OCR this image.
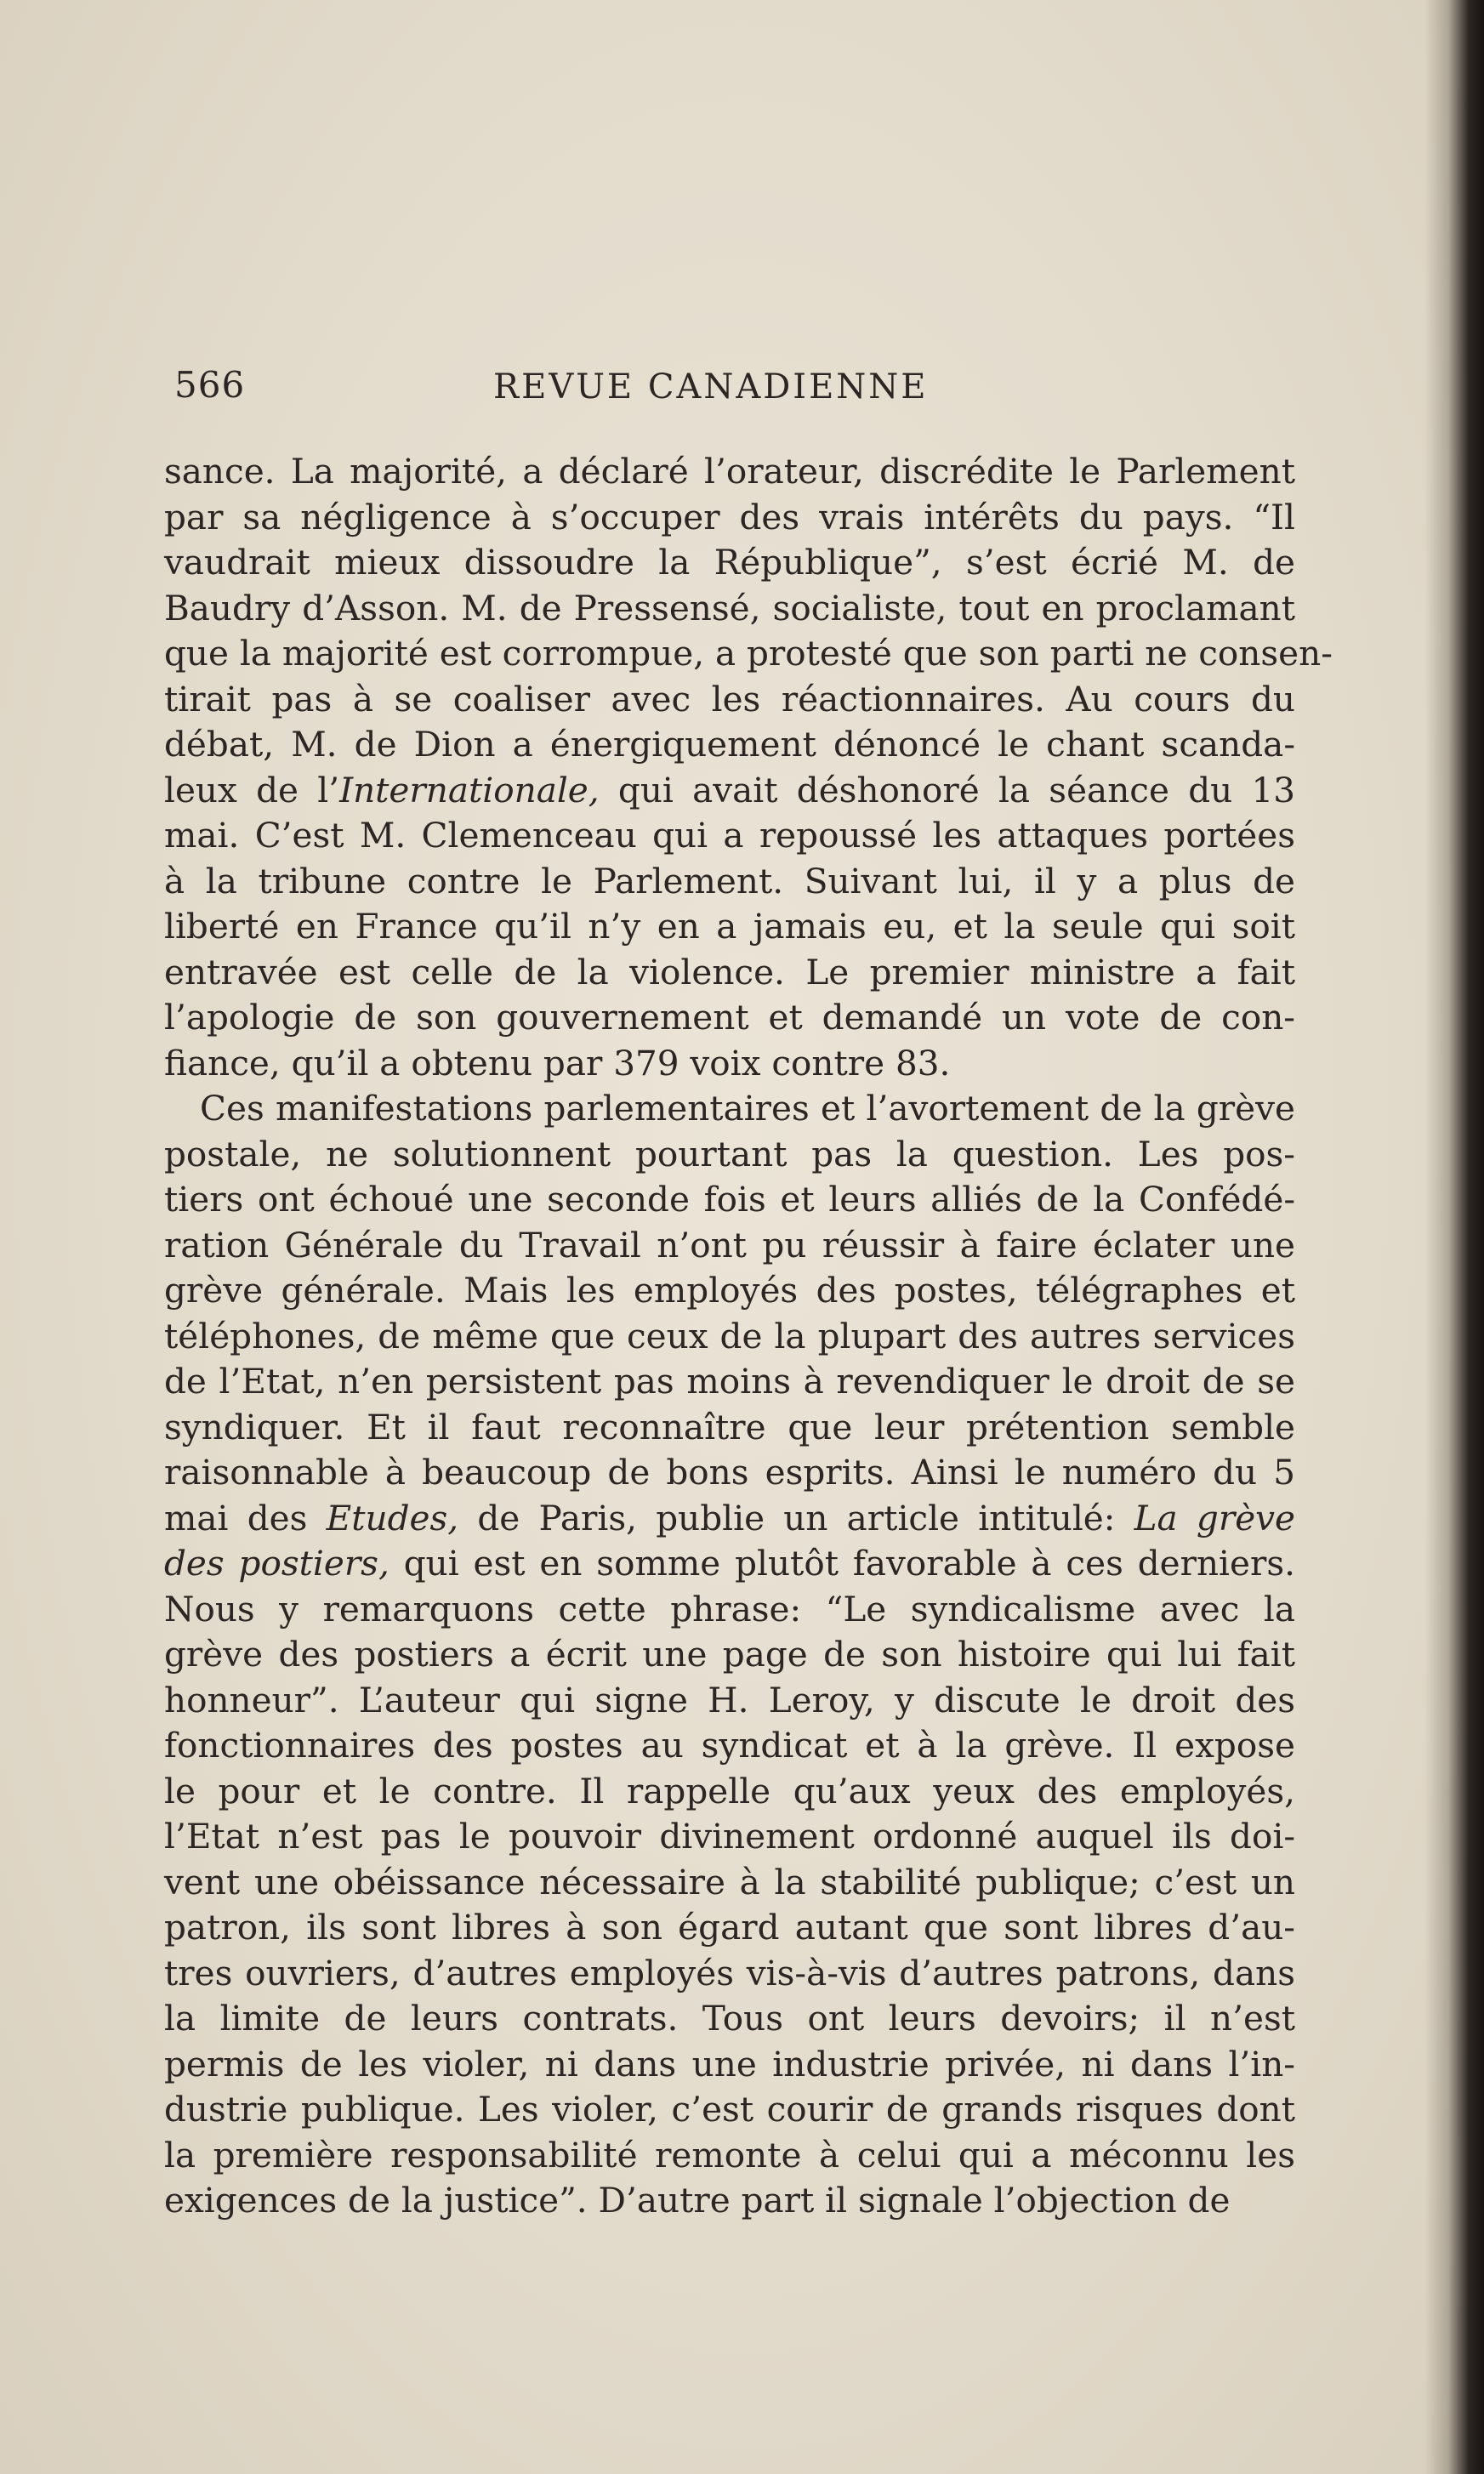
566	REVUE CANADIENNE
sance. La majorité, a déclaré l’orateur, discrédite le Parlement
par sa négligence à s’occuper des vrais intérêts du pays. “Il
vaudrait mieux dissoudre la République”, s’est écrié M. de
Baudry d’Asson. M. de Pressensé, socialiste, tout en proclamant
que la majorité est corrompue, a protesté que son parti ne consen-
tirait pas à se coaliser avec les réactionnaires. Au cours du
débat, M. de Dion a énergiquement dénoncé le chant scanda-
leux de l’Internationale, qui avait déshonoré la séance du 13
mai. C’est M. Clemenceau qui a repoussé les attaques portées
à la tribune contre le Parlement. Suivant lui, il y a plus de
liberté en France qu’il n’y en a jamais eu, et la seule qui soit
entravée est celle de la violence. Le premier ministre a fait
l’apologie de son gouvernement et demandé un vote de con-
fiance, qu’il a obtenu par 379 voix contre 83.
Ces manifestations parlementaires et l’avortement de la grève
postale, ne solutionnent pourtant pas la question. Les pos-
tiers ont échoué une seconde fois et leurs alliés de la Confédé-
ration Générale du Travail n’ont pu réussir à faire éclater une
grève générale. Mais les employés des postes, télégraphes et
téléphones, de même que ceux de la plupart des autres services
de l’Etat, n’en persistent pas moins à revendiquer le droit de se
syndiquer. Et il faut reconnaître que leur prétention semble
raisonnable à beaucoup de bons esprits. Ainsi le numéro du 5
mai des Etudes, de Paris, publie un article intitulé: La grève
des postiers, qui est en somme plutôt favorable à ces derniers.
Nous y remarquons cette phrase: “Le syndicalisme avec la
grève des postiers a écrit une page de son histoire qui lui fait
honneur”. L’auteur qui signe H. Leroy, y discute le droit des
fonctionnaires des postes au syndicat et à la grève. Il expose
le pour et le contre. Il rappelle qu’aux yeux des employés,
l’Etat n’est pas le pouvoir divinement ordonné auquel ils doi-
vent une obéissance nécessaire à la stabilité publique; c’est un
patron, ils sont libres à son égard autant que sont libres d’au-
tres ouvriers, d’autres employés vis-à-vis d’autres patrons, dans
la limite de leurs contrats. Tous ont leurs devoirs; il n’est
permis de les violer, ni dans une industrie privée, ni dans l’in-
dustrie publique. Les violer, c’est courir de grands risques dont
la première responsabilité remonte à celui qui a méconnu les
exigences de la justice”. D’autre part il signale l’objection de
